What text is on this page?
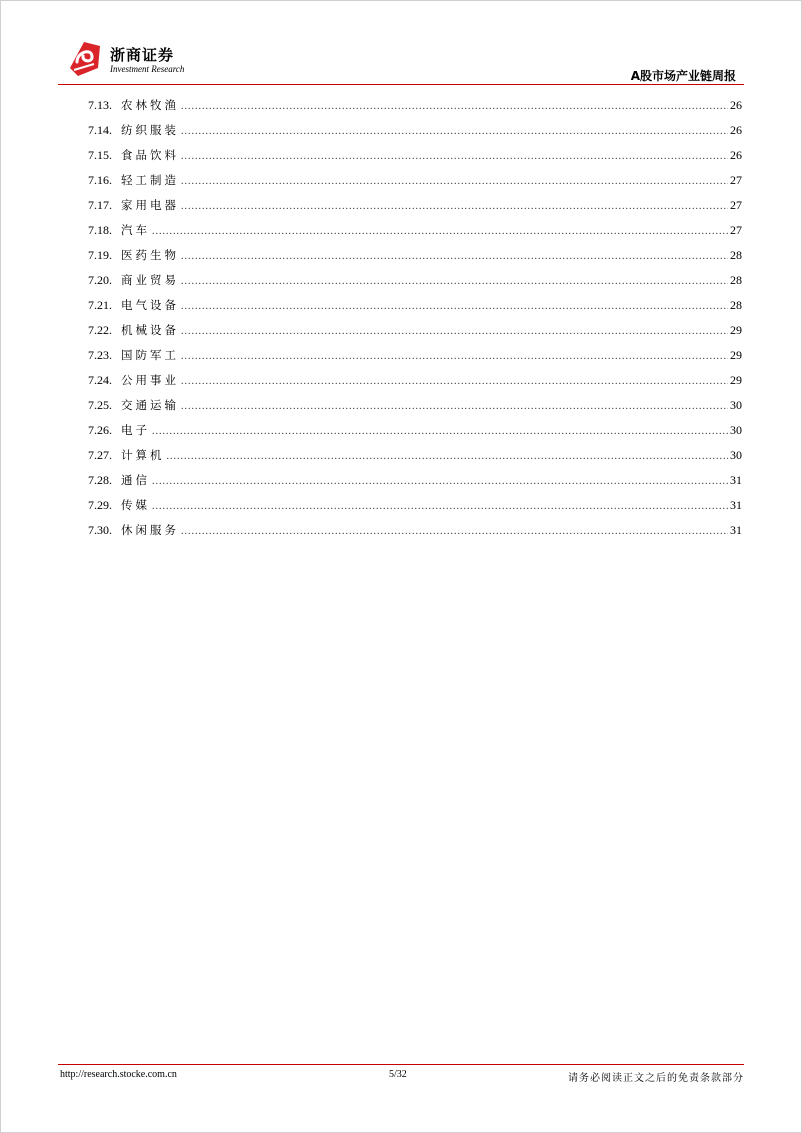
浙商证券
Investment Research	A股市场产业链周报
7.13. 农林牧渔 .....	26
7.14. 纺织服装 .....	26
7.15. 食品饮料 .....	26
7.16. 轻工制造 .....	27
7.17. 家用电器 .....	27
7.18. 汽车 .....	27
7.19. 医药生物 .....	28
7.20. 商业贸易 .....	28
7.21. 电气设备 .....	28
7.22. 机械设备 .....	29
7.23. 国防军工 .....	29
7.24. 公用事业 .....	29
7.25. 交通运输 .....	30
7.26. 电子 .....	30
7.27. 计算机 .....	30
7.28. 通信 .....	31
7.29. 传媒 .....	31
7.30. 休闲服务 .....	31
http://research.stocke.com.cn	5/32	请务必阅读正文之后的免责条款部分
